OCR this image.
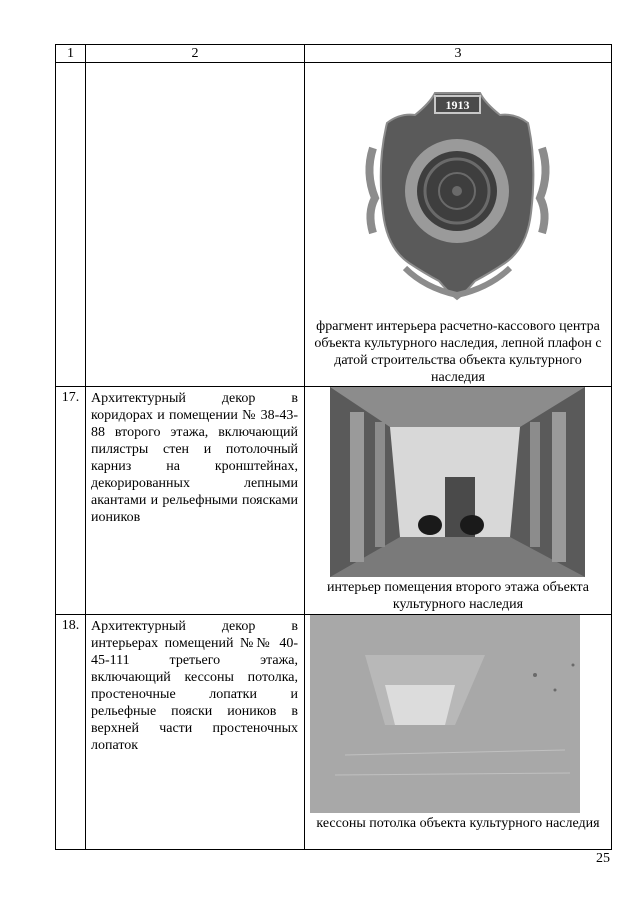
1	2	3

1913
фрагмент интерьера расчетно-кассового центра объекта культурного наследия, лепной плафон с датой строительства объекта культурного наследия

17.	Архитектурный декор в коридорах и помещении № 38-43-88 второго этажа, включающий пилястры стен и потолочный карниз на кронштейнах, декорированных лепными акантами и рельефными поясками иоников	интерьер помещения второго этажа объекта культурного наследия

18.	Архитектурный декор в интерьерах помещений №№ 40-45-111 третьего этажа, включающий кессоны потолка, простеночные лопатки и рельефные пояски иоников в верхней части простеночных лопаток	кессоны потолка объекта культурного наследия
25
